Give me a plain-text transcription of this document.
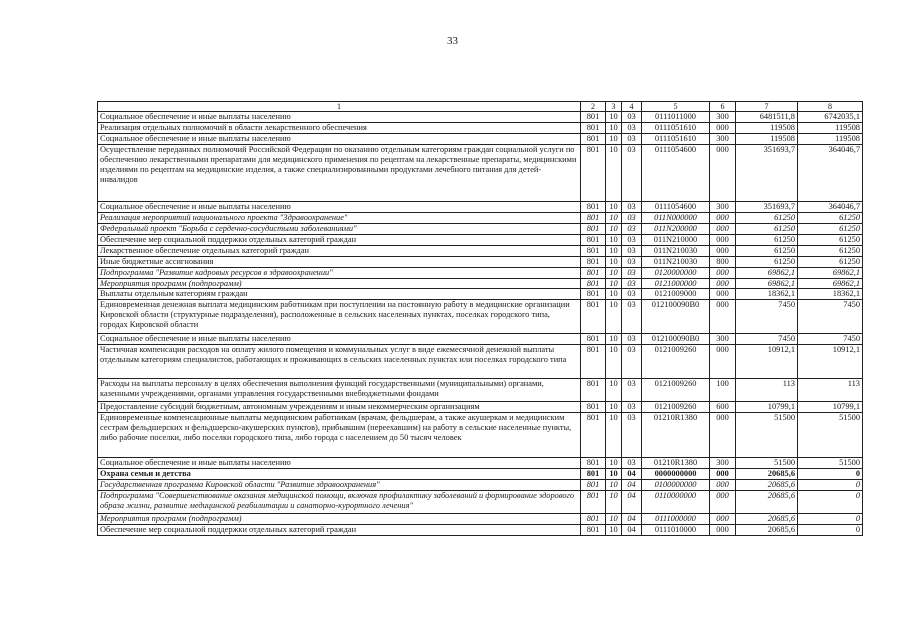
33
1	2	3	4	5	6	7	8
Социальное обеспечение и иные выплаты населению	801	10	03	0111011000	300	6481511,8	6742035,1
Реализация отдельных полномочий в области лекарственного обеспечения	801	10	03	0111051610	000	119508	119508
Социальное обеспечение и иные выплаты населению	801	10	03	0111051610	300	119508	119508
Осуществление переданных полномочий Российской Федерации по оказанию отдельным категориям граждан социальной услуги по обеспечению лекарственными препаратами для медицинского применения по рецептам на лекарственные препараты, медицинскими изделиями по рецептам на медицинские изделия, а также специализированными продуктами лечебного питания для детей-инвалидов	801	10	03	0111054600	000	351693,7	364046,7
Социальное обеспечение и иные выплаты населению	801	10	03	0111054600	300	351693,7	364046,7
Реализация мероприятий национального проекта "Здравоохранение"	801	10	03	011N000000	000	61250	61250
Федеральный проект "Борьба с сердечно-сосудистыми заболеваниями"	801	10	03	011N200000	000	61250	61250
Обеспечение мер социальной поддержки отдельных категорий граждан	801	10	03	011N210000	000	61250	61250
Лекарственное обеспечение отдельных категорий граждан	801	10	03	011N210030	000	61250	61250
Иные бюджетные ассигнования	801	10	03	011N210030	800	61250	61250
Подпрограмма "Развитие кадровых ресурсов в здравоохранении"	801	10	03	0120000000	000	69862,1	69862,1
Мероприятия программ (подпрограмм)	801	10	03	0121000000	000	69862,1	69862,1
Выплаты отдельным категориям граждан	801	10	03	0121009000	000	18362,1	18362,1
Единовременная денежная выплата медицинским работникам при поступлении на постоянную работу в медицинские организации Кировской области (структурные подразделения), расположенные в сельских населенных пунктах, поселках городского типа, городах Кировской области	801	10	03	012100090В0	000	7450	7450
Социальное обеспечение и иные выплаты населению	801	10	03	012100090В0	300	7450	7450
Частичная компенсация расходов на оплату жилого помещения и коммунальных услуг в виде ежемесячной денежной выплаты отдельным категориям специалистов, работающих и проживающих в сельских населенных пунктах или поселках городского типа	801	10	03	0121009260	000	10912,1	10912,1
Расходы на выплаты персоналу в целях обеспечения выполнения функций государственными (муниципальными) органами, казенными учреждениями, органами управления государственными внебюджетными фондами	801	10	03	0121009260	100	113	113
Предоставление субсидий бюджетным, автономным учреждениям и иным некоммерческим организациям	801	10	03	0121009260	600	10799,1	10799,1
Единовременные компенсационные выплаты медицинским работникам (врачам, фельдшерам, а также акушеркам и медицинским сестрам фельдшерских и фельдшерско-акушерских пунктов), прибывшим (переехавшим) на работу в сельские населенные пункты, либо рабочие поселки, либо поселки городского типа, либо города с населением до 50 тысяч человек	801	10	03	01210R1380	000	51500	51500
Социальное обеспечение и иные выплаты населению	801	10	03	01210R1380	300	51500	51500
Охрана семьи и детства	801	10	04	0000000000	000	20685,6	0
Государственная программа Кировской области "Развитие здравоохранения"	801	10	04	0100000000	000	20685,6	0
Подпрограмма "Совершенствование оказания медицинской помощи, включая профилактику заболеваний и формирование здорового образа жизни, развитие медицинской реабилитации и санаторно-курортного лечения"	801	10	04	0110000000	000	20685,6	0
Мероприятия программ (подпрограмм)	801	10	04	0111000000	000	20685,6	0
Обеспечение мер социальной поддержки отдельных категорий граждан	801	10	04	0111010000	000	20685,6	0
